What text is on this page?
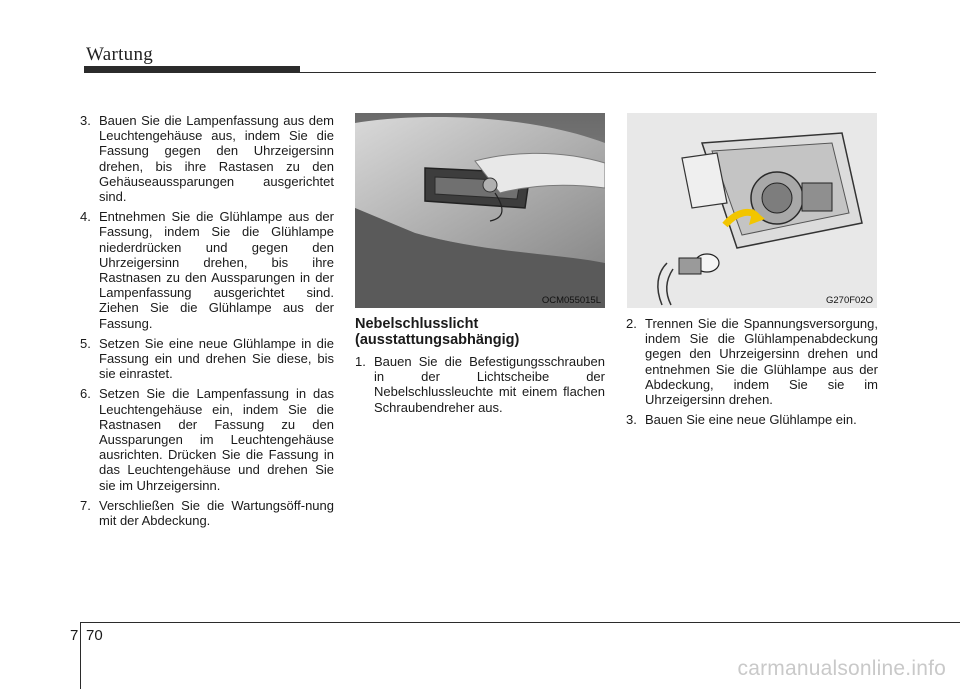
Wartung
3. Bauen Sie die Lampenfassung aus dem Leuchtengehäuse aus, indem Sie die Fassung gegen den Uhrzeigersinn drehen, bis ihre Rastasen zu den Gehäuseaussparungen ausgerichtet sind.
4. Entnehmen Sie die Glühlampe aus der Fassung, indem Sie die Glühlampe niederdrücken und gegen den Uhrzeigersinn drehen, bis ihre Rastnasen zu den Aussparungen in der Lampenfassung ausgerichtet sind. Ziehen Sie die Glühlampe aus der Fassung.
5. Setzen Sie eine neue Glühlampe in die Fassung ein und drehen Sie diese, bis sie einrastet.
6. Setzen Sie die Lampenfassung in das Leuchtengehäuse ein, indem Sie die Rastnasen der Fassung zu den Aussparungen im Leuchtengehäuse ausrichten. Drücken Sie die Fassung in das Leuchtengehäuse und drehen Sie sie im Uhrzeigersinn.
7. Verschließen Sie die Wartungsöff-nung mit der Abdeckung.
OCM055015L
Nebelschlusslicht (ausstattungsabhängig)
1. Bauen Sie die Befestigungsschrauben in der Lichtscheibe der Nebelschlussleuchte mit einem flachen Schraubendreher aus.
G270F02O
2. Trennen Sie die Spannungsversorgung, indem Sie die Glühlampenabdeckung gegen den Uhrzeigersinn drehen und entnehmen Sie die Glühlampe aus der Abdeckung, indem Sie sie im Uhrzeigersinn drehen.
3. Bauen Sie eine neue Glühlampe ein.
7 70
carmanualsonline.info
